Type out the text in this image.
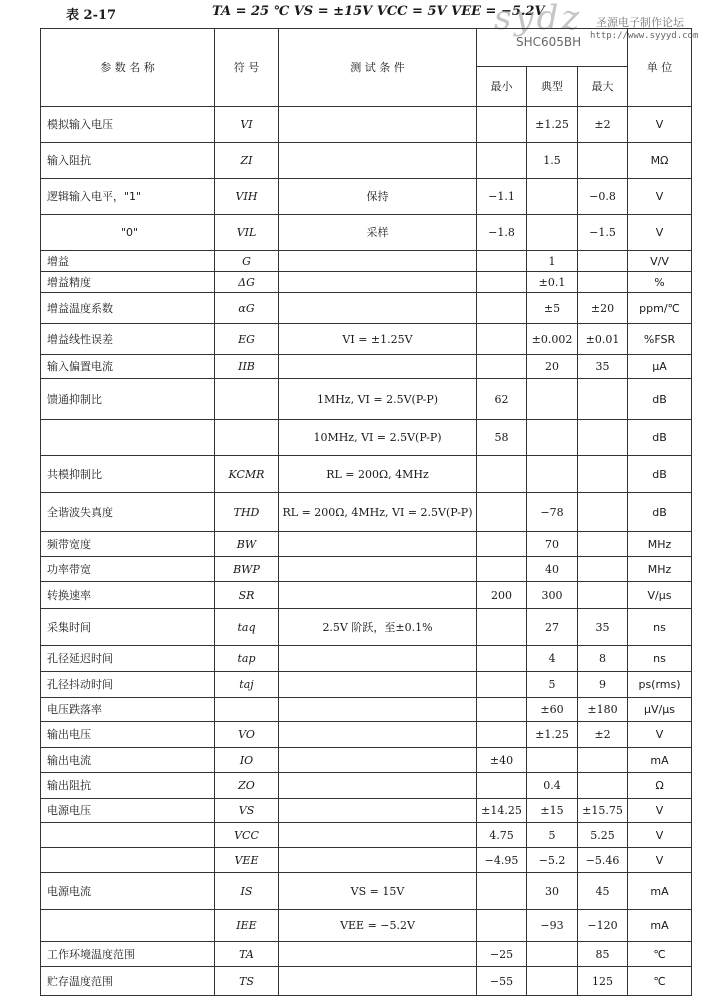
表 2-17	TA = 25 ℃ VS = ±15V VCC = 5V VEE = −5.2V
sydz 圣源电子制作论坛
http://www.syyyd.com
SHC605BH
参 数 名 称	符 号	测 试 条 件				单 位
			最小	典型	最大	
模拟输入电压	VI			±1.25	±2	V
输入阻抗	ZI			1.5		MΩ
逻辑输入电平，"1"	VIH	保持	−1.1		−0.8	V
"0"	VIL	采样	−1.8		−1.5	V
增益	G			1		V/V
增益精度	ΔG			±0.1		%
增益温度系数	αG			±5	±20	ppm/℃
增益线性误差	EG	VI = ±1.25V		±0.002	±0.01	%FSR
输入偏置电流	IIB			20	35	μA
馈通抑制比		1MHz, VI = 2.5V(P-P)	62			dB
		10MHz, VI = 2.5V(P-P)	58			dB
共模抑制比	KCMR	RL = 200Ω, 4MHz				dB
全谐波失真度	THD	RL = 200Ω, 4MHz, VI = 2.5V(P-P)		−78		dB
频带宽度	BW			70		MHz
功率带宽	BWP			40		MHz
转换速率	SR		200	300		V/μs
采集时间	taq	2.5V 阶跃，至±0.1%		27	35	ns
孔径延迟时间	tap			4	8	ns
孔径抖动时间	taj			5	9	ps(rms)
电压跌落率				±60	±180	μV/μs
输出电压	VO			±1.25	±2	V
输出电流	IO		±40			mA
输出阻抗	ZO			0.4		Ω
电源电压	VS		±14.25	±15	±15.75	V
	VCC		4.75	5	5.25	V
	VEE		−4.95	−5.2	−5.46	V
电源电流	IS	VS = 15V		30	45	mA
	IEE	VEE = −5.2V		−93	−120	mA
工作环境温度范围	TA		−25		85	℃
贮存温度范围	TS		−55		125	℃
